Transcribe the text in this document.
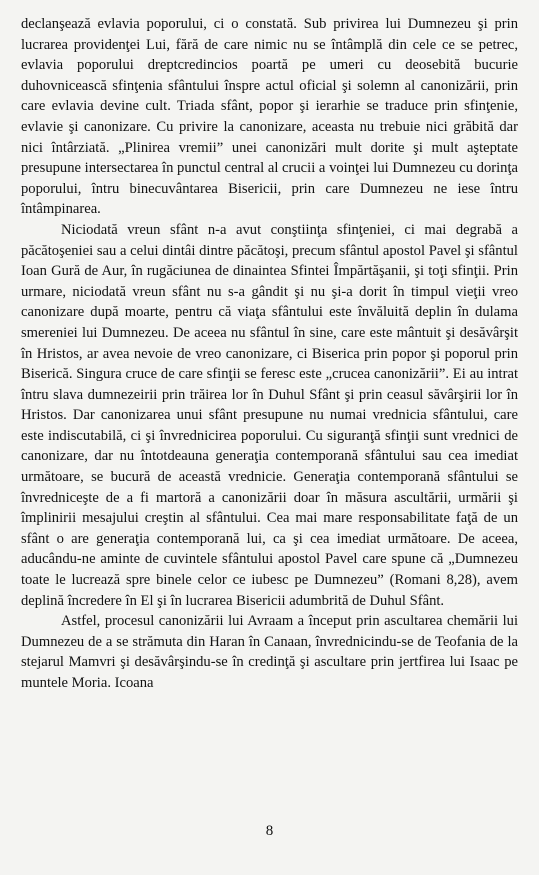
declanşează evlavia poporului, ci o constată. Sub privirea lui Dumnezeu şi prin lucrarea providenţei Lui, fără de care nimic nu se întâmplă din cele ce se petrec, evlavia poporului dreptcredincios poartă pe umeri cu deosebită bucurie duhovnicească sfinţenia sfântului înspre actul oficial şi solemn al canonizării, prin care evlavia devine cult. Triada sfânt, popor şi ierarhie se traduce prin sfinţenie, evlavie şi canonizare. Cu privire la canonizare, aceasta nu trebuie nici grăbită dar nici întârziată. „Plinirea vremii” unei canonizări mult dorite şi mult aşteptate presupune intersectarea în punctul central al crucii a voinţei lui Dumnezeu cu dorinţa poporului, întru binecuvântarea Bisericii, prin care Dumnezeu ne iese întru întâmpinarea.

Niciodată vreun sfânt n-a avut conştiinţa sfinţeniei, ci mai degrabă a păcătoşeniei sau a celui dintâi dintre păcătoşi, precum sfântul apostol Pavel şi sfântul Ioan Gură de Aur, în rugăciunea de dinaintea Sfintei Împărtăşanii, şi toţi sfinţii. Prin urmare, niciodată vreun sfânt nu s-a gândit şi nu şi-a dorit în timpul vieţii vreo canonizare după moarte, pentru că viaţa sfântului este învăluită deplin în dulama smereniei lui Dumnezeu. De aceea nu sfântul în sine, care este mântuit şi desăvârşit în Hristos, ar avea nevoie de vreo canonizare, ci Biserica prin popor şi poporul prin Biserică. Singura cruce de care sfinţii se feresc este „crucea canonizării”. Ei au intrat întru slava dumnezeirii prin trăirea lor în Duhul Sfânt şi prin ceasul săvârşirii lor în Hristos. Dar canonizarea unui sfânt presupune nu numai vrednicia sfântului, care este indiscutabilă, ci şi învrednicirea poporului. Cu siguranţă sfinţii sunt vrednici de canonizare, dar nu întotdeauna generaţia contemporană sfântului sau cea imediat următoare, se bucură de această vrednicie. Generaţia contemporană sfântului se învredniceşte de a fi martoră a canonizării doar în măsura ascultării, urmării şi împlinirii mesajului creştin al sfântului. Cea mai mare responsabilitate faţă de un sfânt o are generaţia contemporană lui, ca şi cea imediat următoare. De aceea, aducându-ne aminte de cuvintele sfântului apostol Pavel care spune că „Dumnezeu toate le lucrează spre binele celor ce iubesc pe Dumnezeu” (Romani 8,28), avem deplină încredere în El şi în lucrarea Bisericii adumbrită de Duhul Sfânt.

Astfel, procesul canonizării lui Avraam a început prin ascultarea chemării lui Dumnezeu de a se strămuta din Haran în Canaan, învrednicindu-se de Teofania de la stejarul Mamvri şi desăvârşindu-se în credinţă şi ascultare prin jertfirea lui Isaac pe muntele Moria. Icoana

8
